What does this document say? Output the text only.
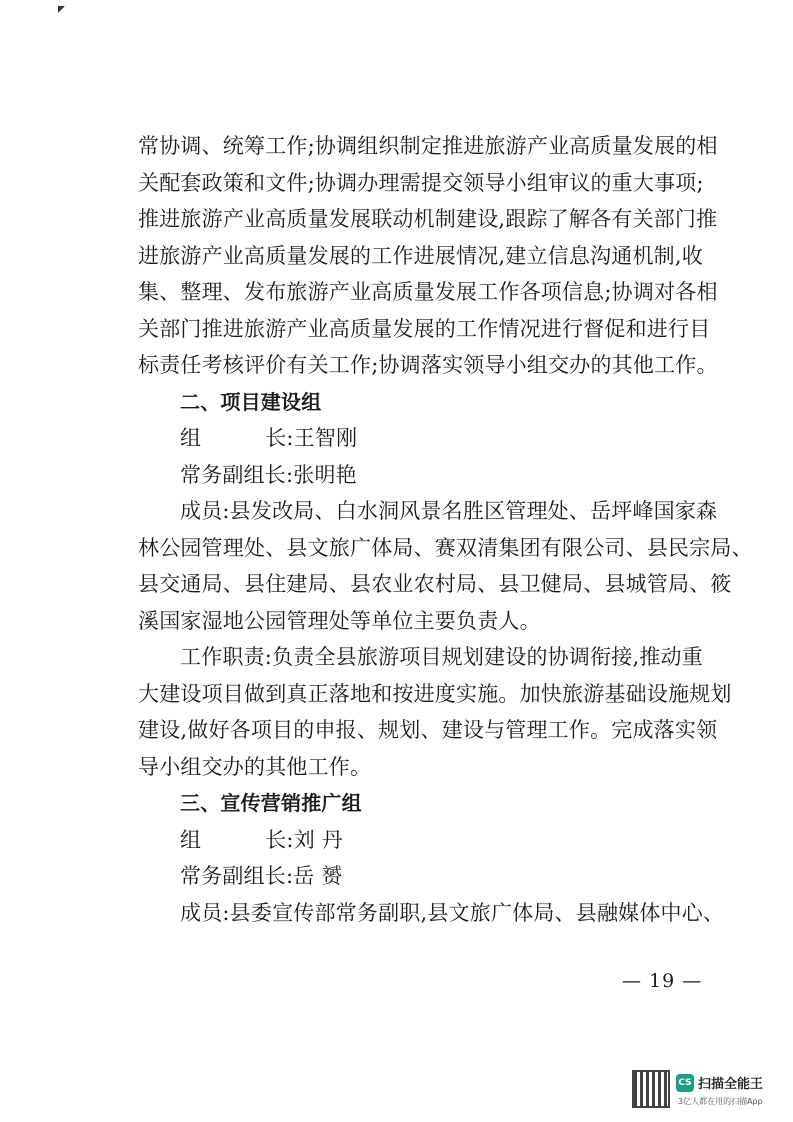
常协调、统筹工作;协调组织制定推进旅游产业高质量发展的相
关配套政策和文件;协调办理需提交领导小组审议的重大事项;
推进旅游产业高质量发展联动机制建设,跟踪了解各有关部门推
进旅游产业高质量发展的工作进展情况,建立信息沟通机制,收
集、整理、发布旅游产业高质量发展工作各项信息;协调对各相
关部门推进旅游产业高质量发展的工作情况进行督促和进行目
标责任考核评价有关工作;协调落实领导小组交办的其他工作。
二、项目建设组
组	长:王智刚
常务副组长:张明艳
成员:县发改局、白水洞风景名胜区管理处、岳坪峰国家森
林公园管理处、县文旅广体局、赛双清集团有限公司、县民宗局、
县交通局、县住建局、县农业农村局、县卫健局、县城管局、筱
溪国家湿地公园管理处等单位主要负责人。
工作职责:负责全县旅游项目规划建设的协调衔接,推动重
大建设项目做到真正落地和按进度实施。加快旅游基础设施规划
建设,做好各项目的申报、规划、建设与管理工作。完成落实领
导小组交办的其他工作。
三、宣传营销推广组
组	长:刘 丹
常务副组长:岳 赟
成员:县委宣传部常务副职,县文旅广体局、县融媒体中心、
— 19 —
CS 扫描全能王
3亿人都在用的扫描App
